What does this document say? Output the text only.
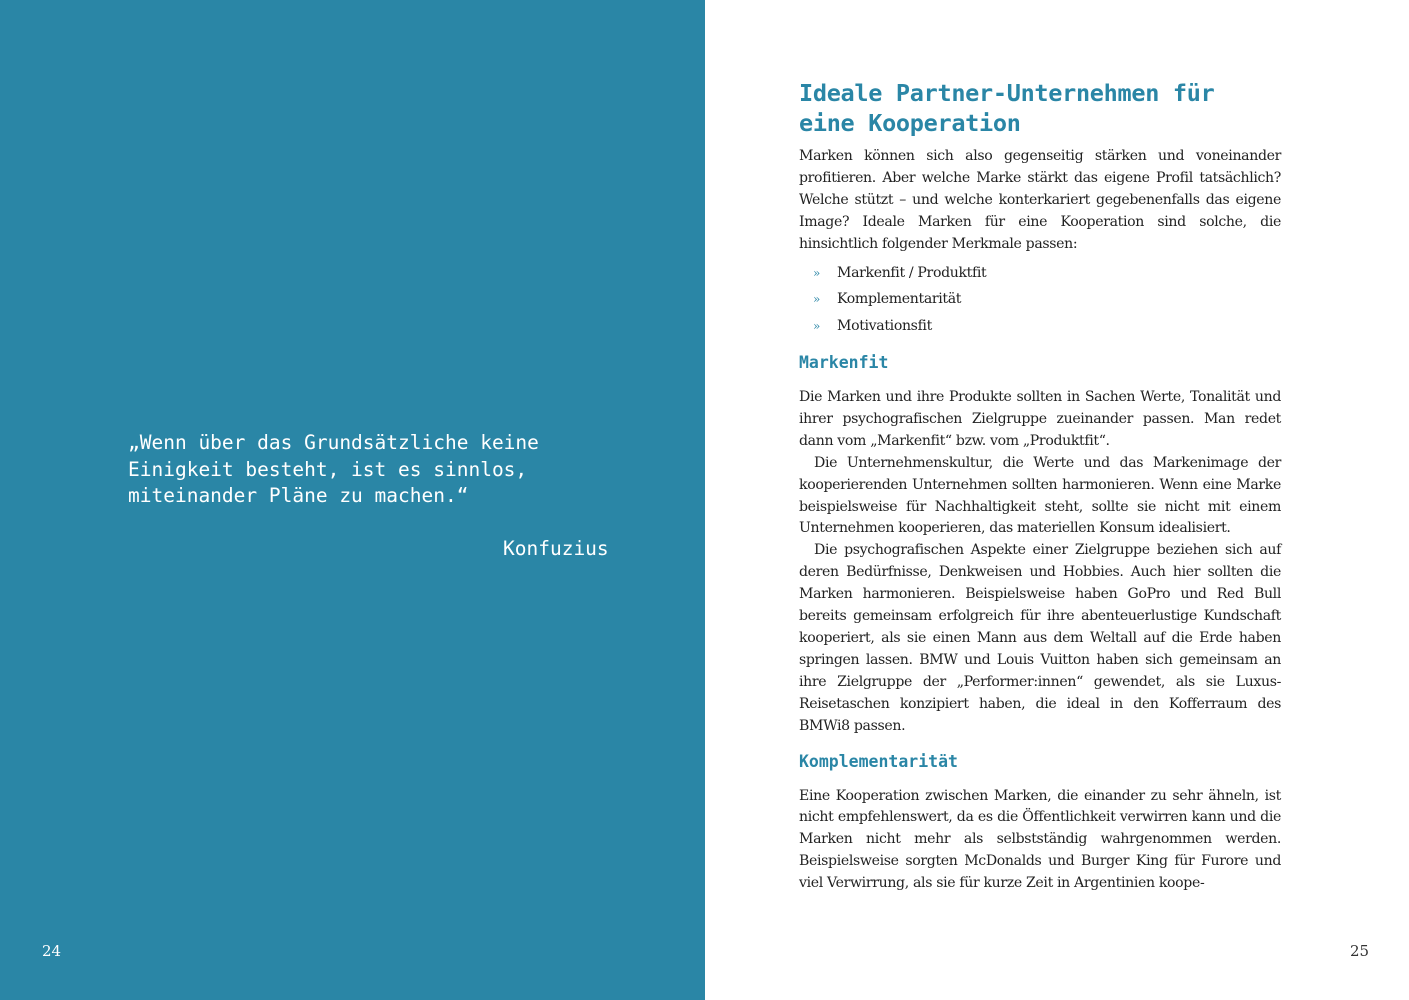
„Wenn über das Grundsätzliche keine
Einigkeit besteht, ist es sinnlos,
miteinander Pläne zu machen.“
Konfuzius
24
Ideale Partner-Unternehmen für eine Kooperation

Marken können sich also gegenseitig stärken und voneinander profitieren. Aber welche Marke stärkt das eigene Profil tatsächlich? Welche stützt – und welche konterkariert gegebenenfalls das eigene Image? Ideale Marken für eine Kooperation sind solche, die hinsichtlich folgender Merkmale passen:

»	Markenfit / Produktfit
»	Komplementarität
»	Motivationsfit
Markenfit

Die Marken und ihre Produkte sollten in Sachen Werte, Tonalität und ihrer psychografischen Zielgruppe zueinander passen. Man redet dann vom „Markenfit“ bzw. vom „Produktfit“.

Die Unternehmenskultur, die Werte und das Markenimage der kooperierenden Unternehmen sollten harmonieren. Wenn eine Marke beispielsweise für Nachhaltigkeit steht, sollte sie nicht mit einem Unternehmen kooperieren, das materiellen Konsum idealisiert.

Die psychografischen Aspekte einer Zielgruppe beziehen sich auf deren Bedürfnisse, Denkweisen und Hobbies. Auch hier sollten die Marken harmonieren. Beispielsweise haben GoPro und Red Bull bereits gemeinsam erfolgreich für ihre abenteuerlustige Kundschaft kooperiert, als sie einen Mann aus dem Weltall auf die Erde haben springen lassen. BMW und Louis Vuitton haben sich gemeinsam an ihre Zielgruppe der „Performer:innen“ gewendet, als sie Luxus-Reisetaschen konzipiert haben, die ideal in den Kofferraum des BMWi8 passen.

Komplementarität

Eine Kooperation zwischen Marken, die einander zu sehr ähneln, ist nicht empfehlenswert, da es die Öffentlichkeit verwirren kann und die Marken nicht mehr als selbstständig wahrgenommen werden. Beispielsweise sorgten McDonalds und Burger King für Furore und viel Verwirrung, als sie für kurze Zeit in Argentinien koope-

25
